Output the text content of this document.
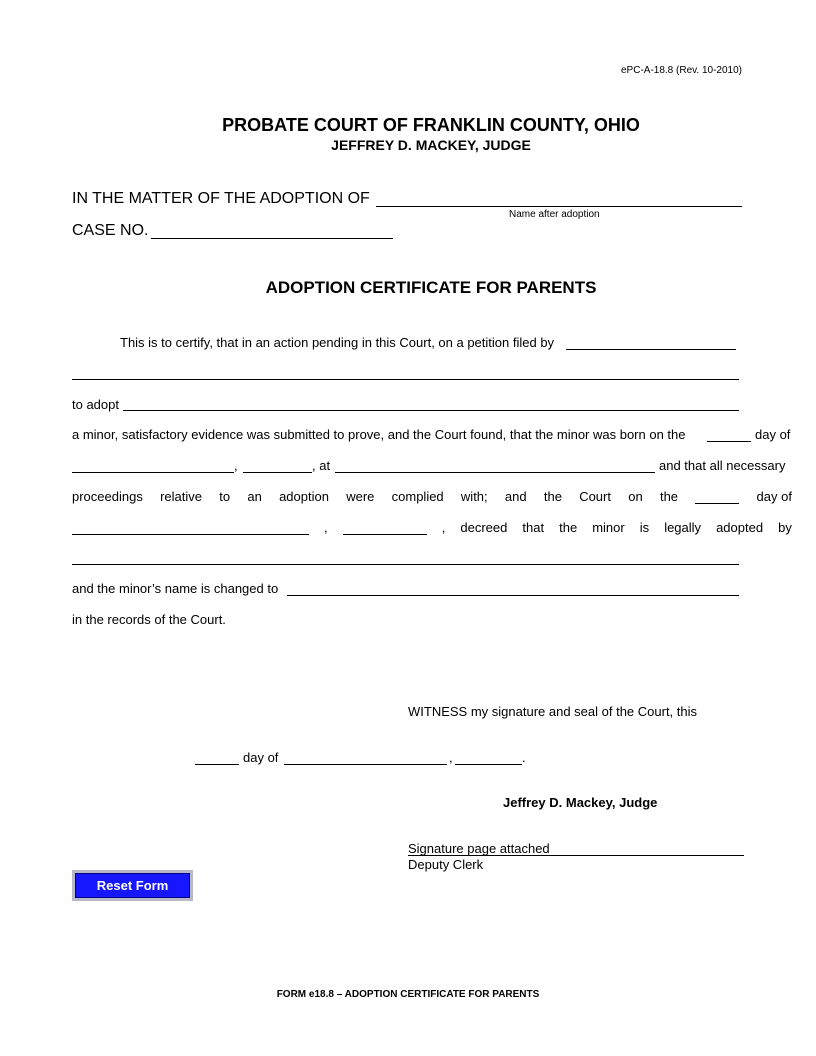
ePC-A-18.8 (Rev. 10-2010)
PROBATE COURT OF FRANKLIN COUNTY, OHIO
JEFFREY D. MACKEY, JUDGE
IN THE MATTER OF THE ADOPTION OF
Name after adoption
CASE NO.
ADOPTION CERTIFICATE FOR PARENTS
This is to certify, that in an action pending in this Court, on a petition filed by
to adopt
a minor, satisfactory evidence was submitted to prove, and the Court found, that the minor was born on the	day of
,	, at	and that all necessary
proceedings relative to an adoption were complied with; and the Court on the	day of
,	, decreed that the minor is legally adopted by
and the minor’s name is changed to
in the records of the Court.
WITNESS my signature and seal of the Court, this
day of	,	.
Jeffrey D. Mackey, Judge
Signature page attached
Deputy Clerk
Reset Form
FORM e18.8 – ADOPTION CERTIFICATE FOR PARENTS
